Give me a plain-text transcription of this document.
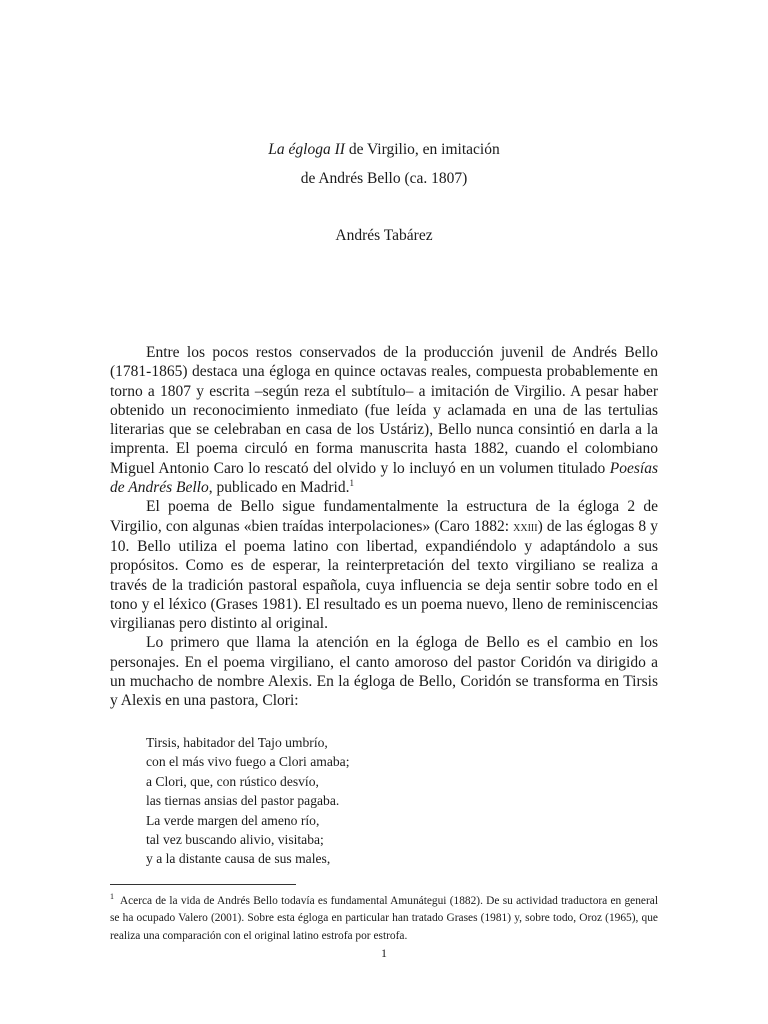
La égloga II de Virgilio, en imitación
de Andrés Bello (ca. 1807)
Andrés Tabárez

Entre los pocos restos conservados de la producción juvenil de Andrés Bello (1781-1865) destaca una égloga en quince octavas reales, compuesta probablemente en torno a 1807 y escrita –según reza el subtítulo– a imitación de Virgilio. A pesar haber obtenido un reconocimiento inmediato (fue leída y aclamada en una de las tertulias literarias que se celebraban en casa de los Ustáriz), Bello nunca consintió en darla a la imprenta. El poema circuló en forma manuscrita hasta 1882, cuando el colombiano Miguel Antonio Caro lo rescató del olvido y lo incluyó en un volumen titulado Poesías de Andrés Bello, publicado en Madrid.$^1$

El poema de Bello sigue fundamentalmente la estructura de la égloga 2 de Virgilio, con algunas «bien traídas interpolaciones» (Caro 1882: xxiii) de las églogas 8 y 10. Bello utiliza el poema latino con libertad, expandiéndolo y adaptándolo a sus propósitos. Como es de esperar, la reinterpretación del texto virgiliano se realiza a través de la tradición pastoral española, cuya influencia se deja sentir sobre todo en el tono y el léxico (Grases 1981). El resultado es un poema nuevo, lleno de reminiscencias virgilianas pero distinto al original.

Lo primero que llama la atención en la égloga de Bello es el cambio en los personajes. En el poema virgiliano, el canto amoroso del pastor Coridón va dirigido a un muchacho de nombre Alexis. En la égloga de Bello, Coridón se transforma en Tirsis y Alexis en una pastora, Clori:

Tirsis, habitador del Tajo umbrío,
con el más vivo fuego a Clori amaba;
a Clori, que, con rústico desvío,
las tiernas ansias del pastor pagaba.
La verde margen del ameno río,
tal vez buscando alivio, visitaba;
y a la distante causa de sus males,
$^1$ Acerca de la vida de Andrés Bello todavía es fundamental Amunátegui (1882). De su actividad traductora en general se ha ocupado Valero (2001). Sobre esta égloga en particular han tratado Grases (1981) y, sobre todo, Oroz (1965), que realiza una comparación con el original latino estrofa por estrofa.
1
